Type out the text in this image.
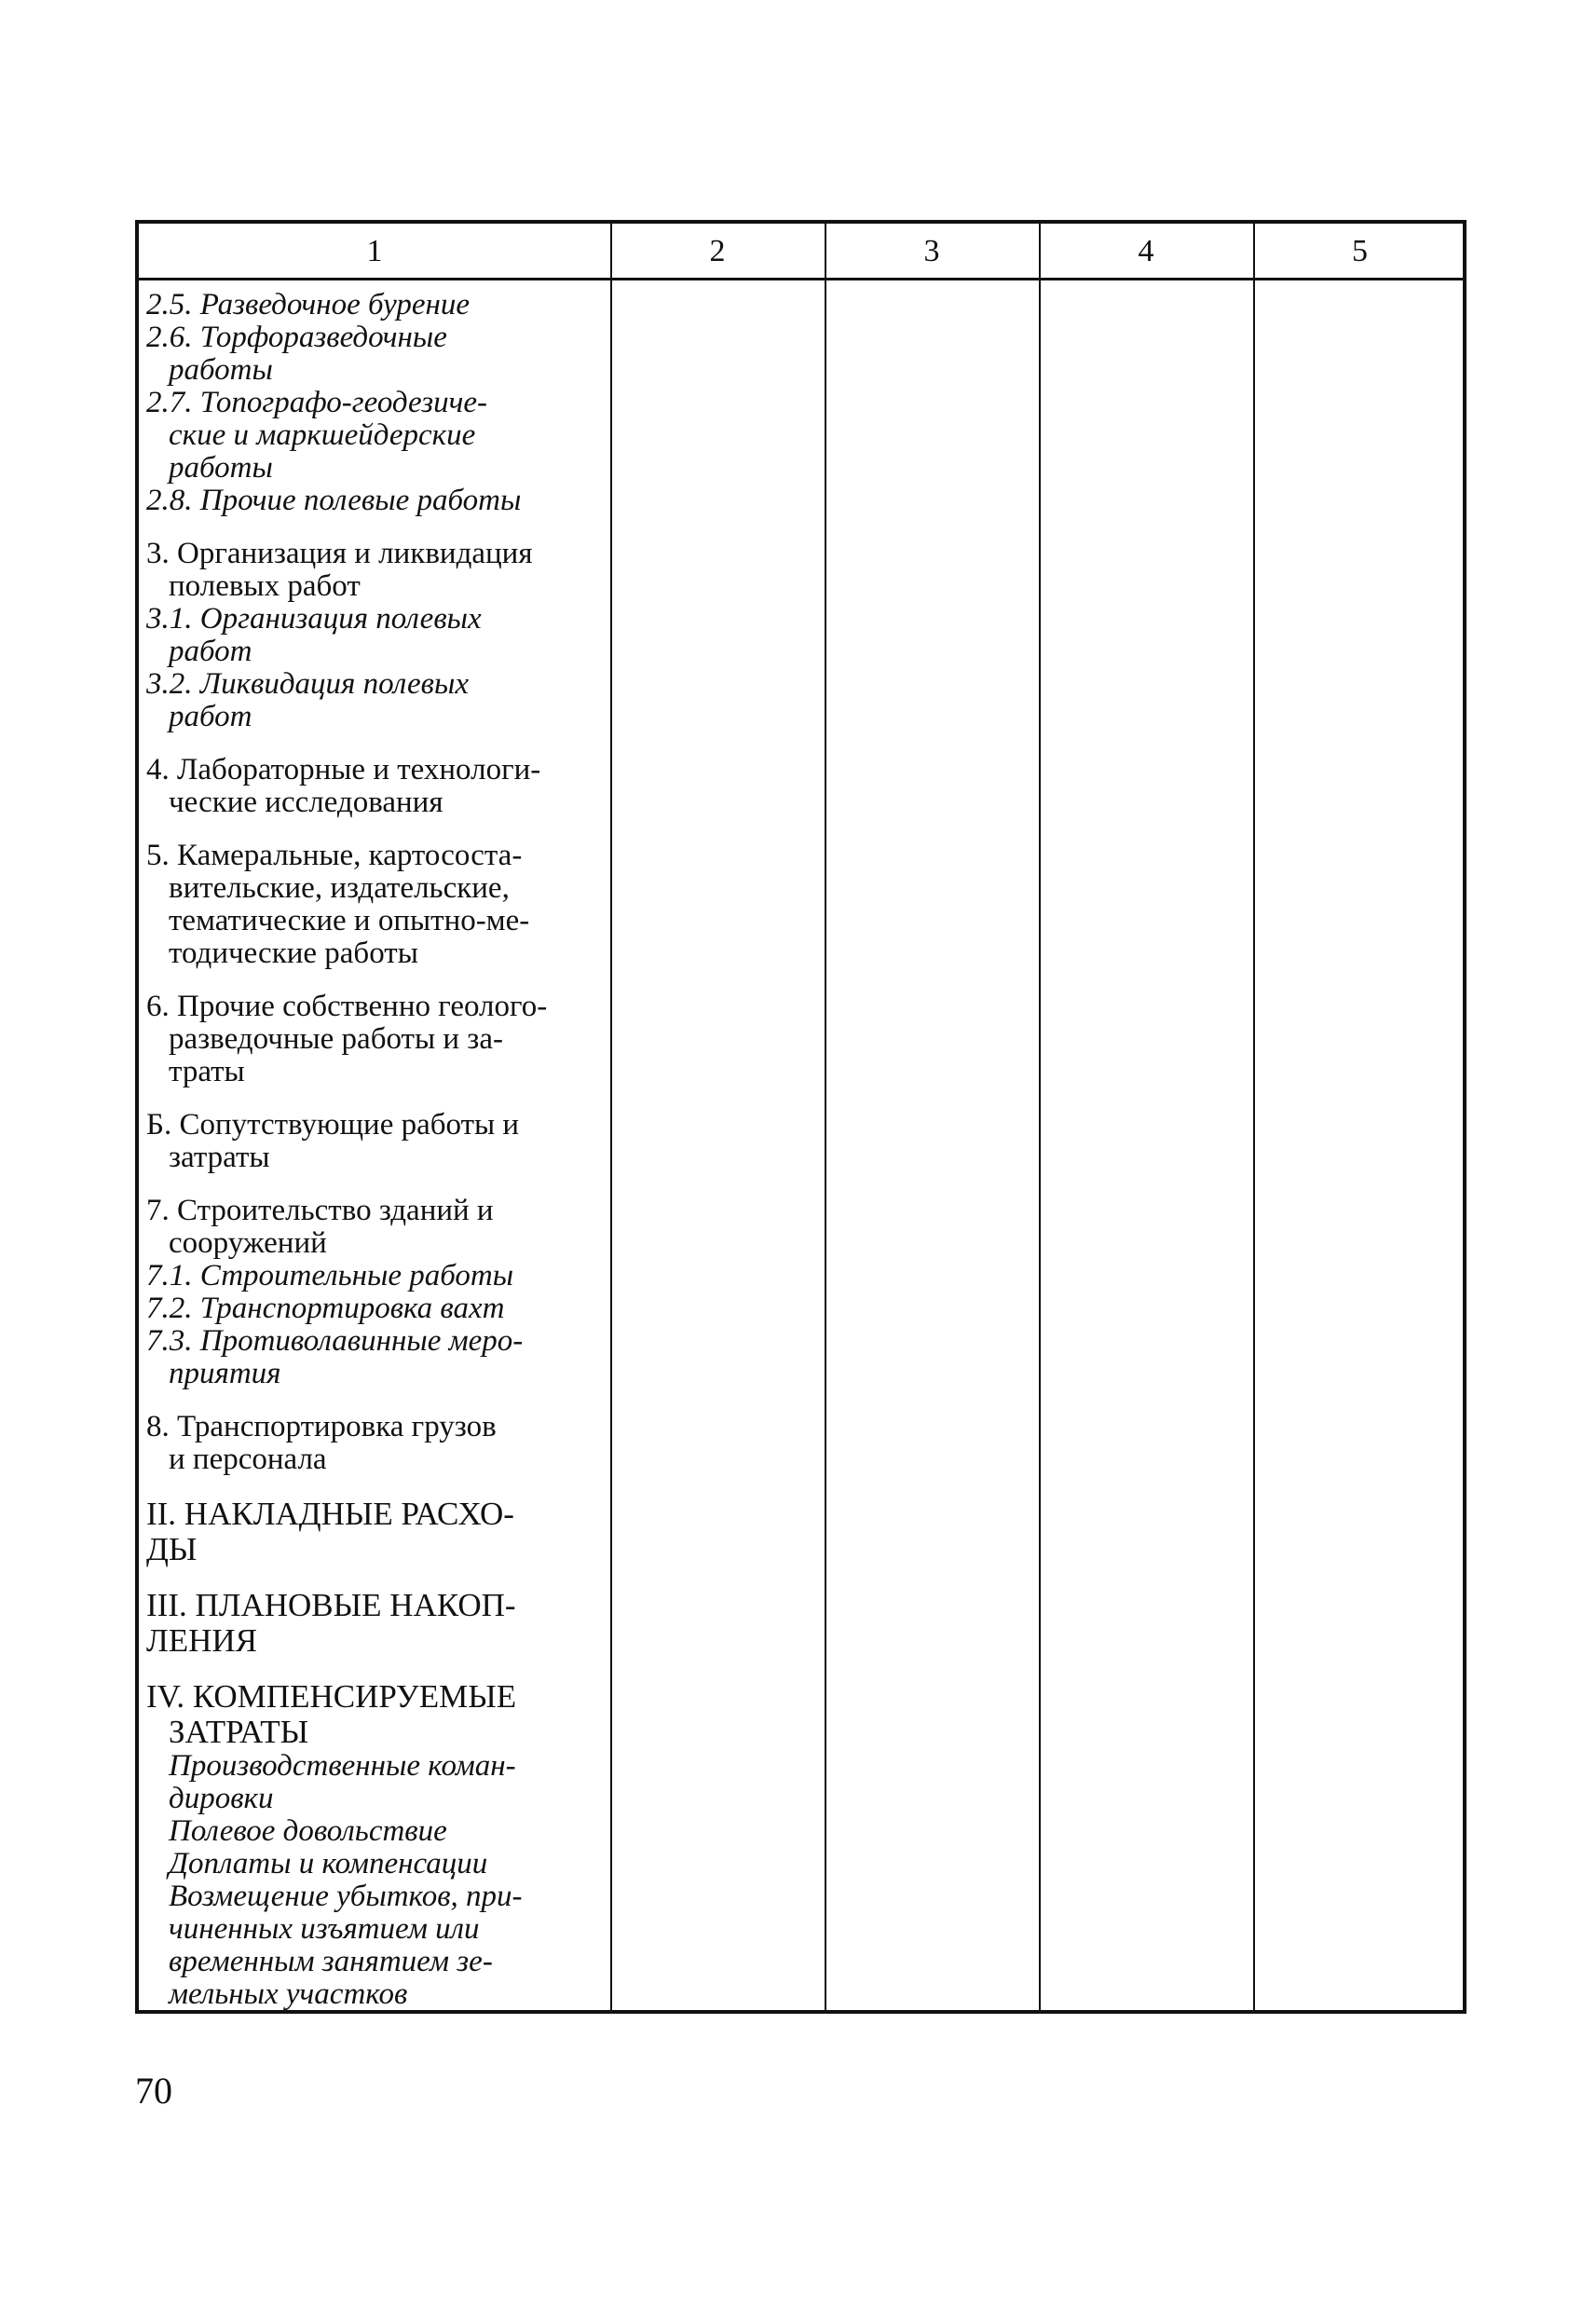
1	2	3	4	5
2.5. Разведочное бурение
2.6. Торфоразведочные
работы
2.7. Топографо-геодезиче-
ские и маркшейдерские
работы
2.8. Прочие полевые работы
3. Организация и ликвидация
полевых работ
3.1. Организация полевых
работ
3.2. Ликвидация полевых
работ
4. Лабораторные и технологи-
ческие исследования
5. Камеральные, картососта-
вительские, издательские,
тематические и опытно-ме-
тодические работы
6. Прочие собственно геолого-
разведочные работы и за-
траты
Б. Сопутствующие работы и
затраты
7. Строительство зданий и
сооружений
7.1. Строительные работы
7.2. Транспортировка вахт
7.3. Противолавинные меро-
приятия
8. Транспортировка грузов
и персонала
II. НАКЛАДНЫЕ РАСХО-
ДЫ
III. ПЛАНОВЫЕ НАКОП-
ЛЕНИЯ
IV. КОМПЕНСИРУЕМЫЕ
ЗАТРАТЫ
Производственные коман-
дировки
Полевое довольствие
Доплаты и компенсации
Возмещение убытков, при-
чиненных изъятием или
временным занятием зе-
мельных участков
70
